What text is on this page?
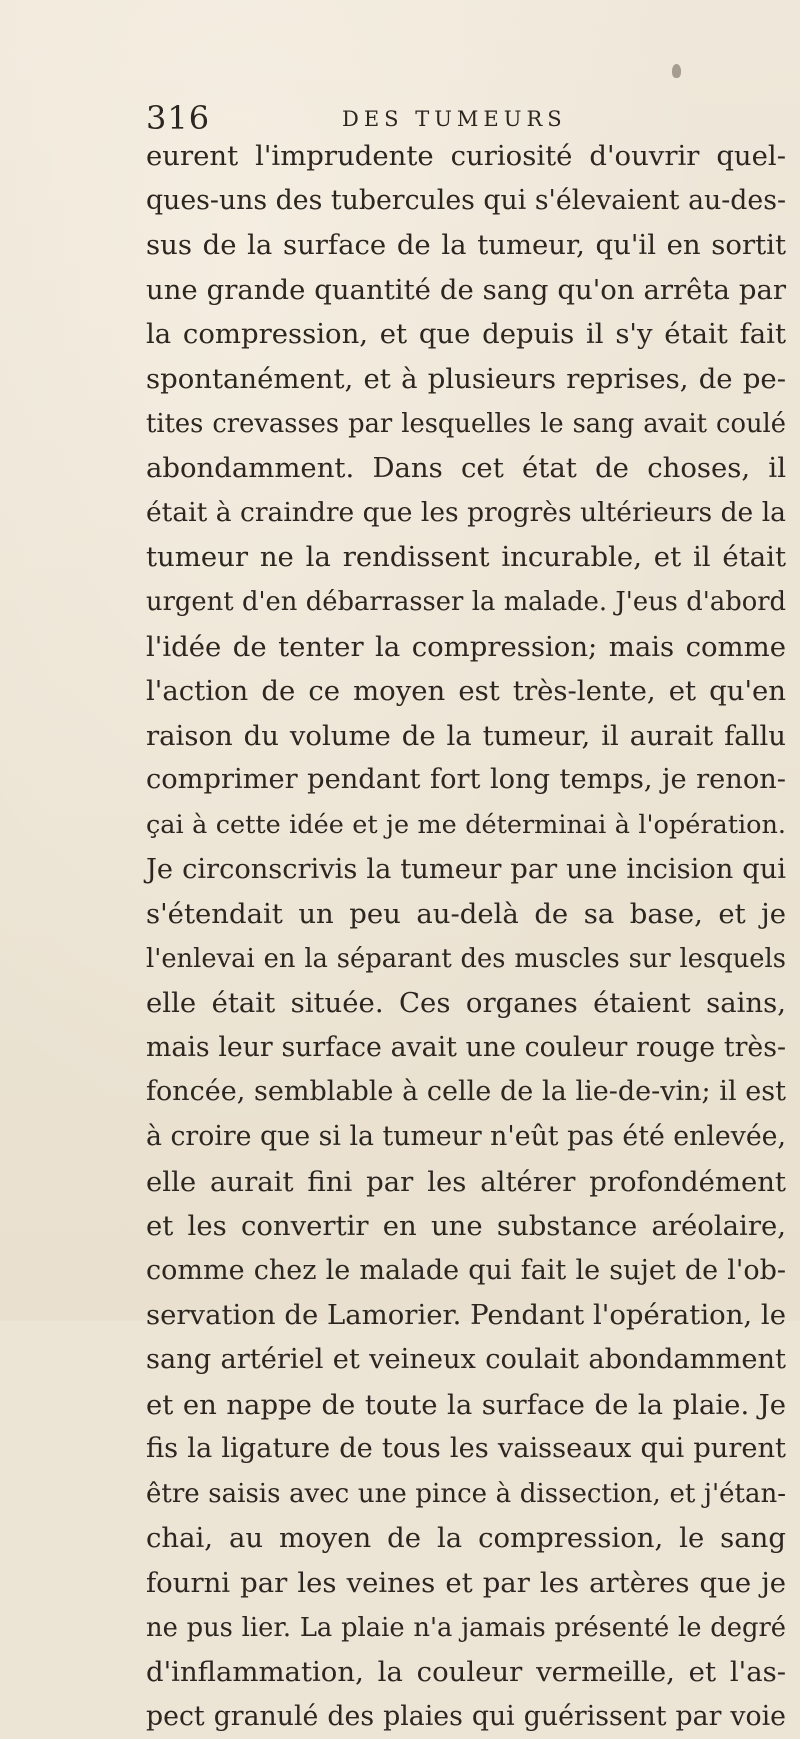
316	DES TUMEURS
eurent l'imprudente curiosité d'ouvrir quel-
ques-uns des tubercules qui s'élevaient au-des-
sus de la surface de la tumeur, qu'il en sortit
une grande quantité de sang qu'on arrêta par
la compression, et que depuis il s'y était fait
spontanément, et à plusieurs reprises, de pe-
tites crevasses par lesquelles le sang avait coulé
abondamment. Dans cet état de choses, il
était à craindre que les progrès ultérieurs de la
tumeur ne la rendissent incurable, et il était
urgent d'en débarrasser la malade. J'eus d'abord
l'idée de tenter la compression; mais comme
l'action de ce moyen est très-lente, et qu'en
raison du volume de la tumeur, il aurait fallu
comprimer pendant fort long temps, je renon-
çai à cette idée et je me déterminai à l'opération.
Je circonscrivis la tumeur par une incision qui
s'étendait un peu au-delà de sa base, et je
l'enlevai en la séparant des muscles sur lesquels
elle était située. Ces organes étaient sains,
mais leur surface avait une couleur rouge très-
foncée, semblable à celle de la lie-de-vin; il est
à croire que si la tumeur n'eût pas été enlevée,
elle aurait fini par les altérer profondément
et les convertir en une substance aréolaire,
comme chez le malade qui fait le sujet de l'ob-
servation de Lamorier. Pendant l'opération, le
sang artériel et veineux coulait abondamment
et en nappe de toute la surface de la plaie. Je
fis la ligature de tous les vaisseaux qui purent
être saisis avec une pince à dissection, et j'étan-
chai, au moyen de la compression, le sang
fourni par les veines et par les artères que je
ne pus lier. La plaie n'a jamais présenté le degré
d'inflammation, la couleur vermeille, et l'as-
pect granulé des plaies qui guérissent par voie
